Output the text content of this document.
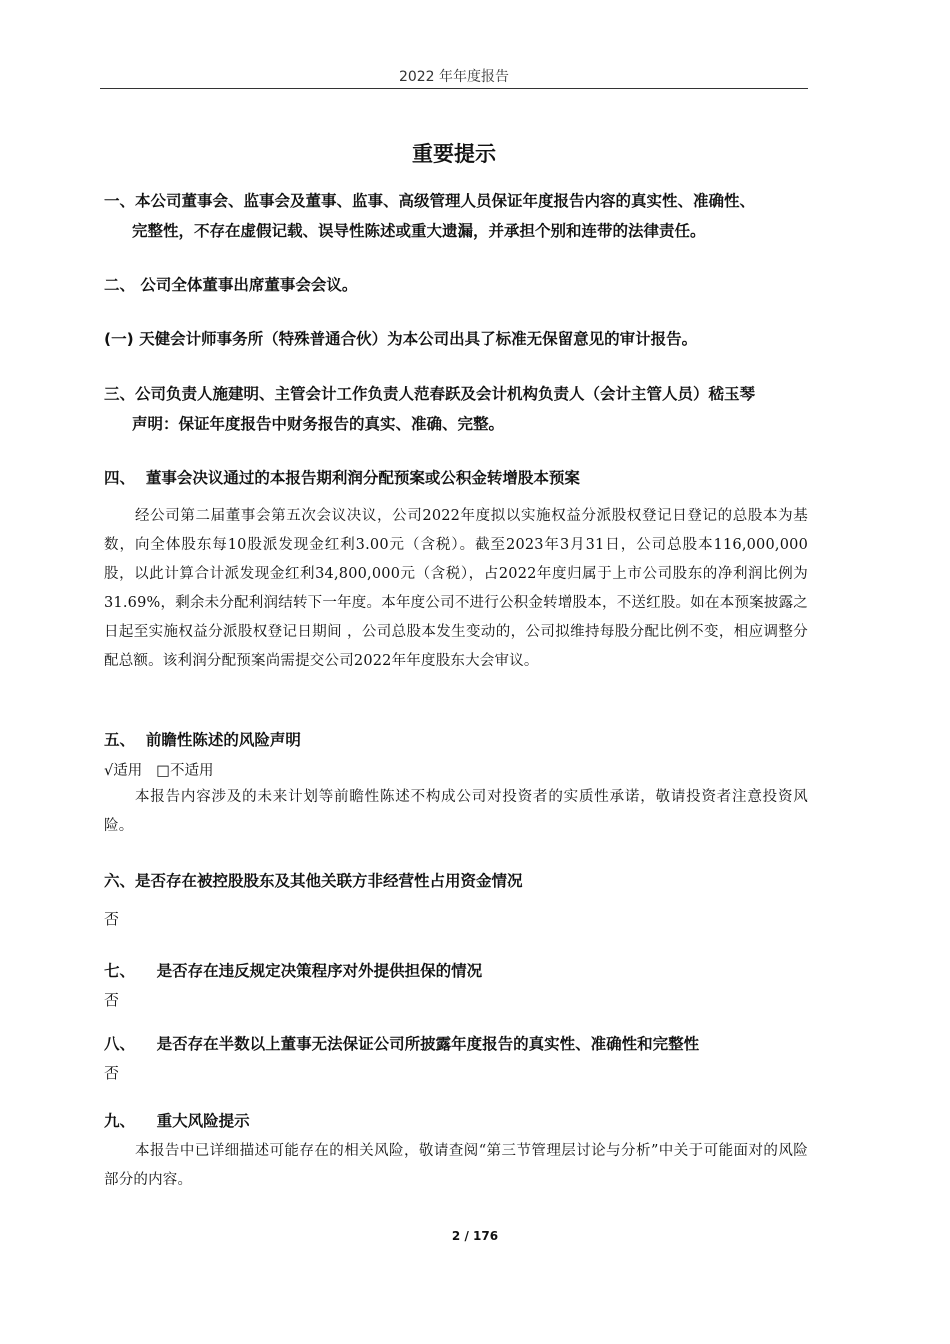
2022 年年度报告
重要提示

一、本公司董事会、监事会及董事、监事、高级管理人员保证年度报告内容的真实性、准确性、

完整性，不存在虚假记载、误导性陈述或重大遗漏，并承担个别和连带的法律责任。

二、 公司全体董事出席董事会会议。

(一) 天健会计师事务所（特殊普通合伙）为本公司出具了标准无保留意见的审计报告。

三、公司负责人施建明、主管会计工作负责人范春跃及会计机构负责人（会计主管人员）嵇玉琴

声明：保证年度报告中财务报告的真实、准确、完整。

四、 董事会决议通过的本报告期利润分配预案或公积金转增股本预案

经公司第二届董事会第五次会议决议，公司2022年度拟以实施权益分派股权登记日登记的总股本为基数，向全体股东每10股派发现金红利3.00元（含税）。截至2023年3月31日，公司总股本116,000,000股，以此计算合计派发现金红利34,800,000元（含税），占2022年度归属于上市公司股东的净利润比例为31.69%，剩余未分配利润结转下一年度。本年度公司不进行公积金转增股本，不送红股。如在本预案披露之日起至实施权益分派股权登记日期间 ，公司总股本发生变动的，公司拟维持每股分配比例不变，相应调整分配总额。该利润分配预案尚需提交公司2022年年度股东大会审议。

五、 前瞻性陈述的风险声明

√适用 □不适用

本报告内容涉及的未来计划等前瞻性陈述不构成公司对投资者的实质性承诺，敬请投资者注意投资风险。

六、是否存在被控股股东及其他关联方非经营性占用资金情况

否

七、 是否存在违反规定决策程序对外提供担保的情况

否

八、 是否存在半数以上董事无法保证公司所披露年度报告的真实性、准确性和完整性

否

九、 重大风险提示

本报告中已详细描述可能存在的相关风险，敬请查阅“第三节管理层讨论与分析”中关于可能面对的风险部分的内容。

2 / 176
